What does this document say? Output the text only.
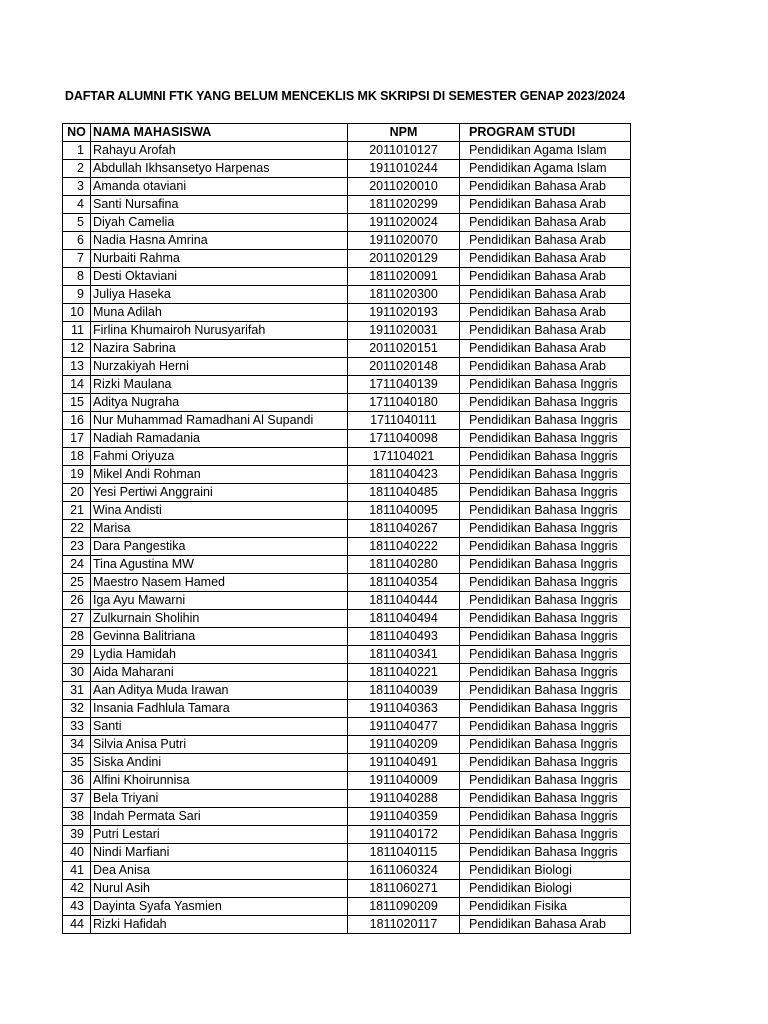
DAFTAR ALUMNI FTK YANG BELUM MENCEKLIS MK SKRIPSI DI SEMESTER GENAP 2023/2024
NO	NAMA MAHASISWA	NPM	PROGRAM STUDI
1	Rahayu Arofah	2011010127	Pendidikan Agama Islam
2	Abdullah Ikhsansetyo Harpenas	1911010244	Pendidikan Agama Islam
3	Amanda otaviani	2011020010	Pendidikan Bahasa Arab
4	Santi Nursafina	1811020299	Pendidikan Bahasa Arab
5	Diyah Camelia	1911020024	Pendidikan Bahasa Arab
6	Nadia Hasna Amrina	1911020070	Pendidikan Bahasa Arab
7	Nurbaiti Rahma	2011020129	Pendidikan Bahasa Arab
8	Desti Oktaviani	1811020091	Pendidikan Bahasa Arab
9	Juliya Haseka	1811020300	Pendidikan Bahasa Arab
10	Muna Adilah	1911020193	Pendidikan Bahasa Arab
11	Firlina Khumairoh Nurusyarifah	1911020031	Pendidikan Bahasa Arab
12	Nazira Sabrina	2011020151	Pendidikan Bahasa Arab
13	Nurzakiyah Herni	2011020148	Pendidikan Bahasa Arab
14	Rizki Maulana	1711040139	Pendidikan Bahasa Inggris
15	Aditya Nugraha	1711040180	Pendidikan Bahasa Inggris
16	Nur Muhammad Ramadhani Al Supandi	1711040111	Pendidikan Bahasa Inggris
17	Nadiah Ramadania	1711040098	Pendidikan Bahasa Inggris
18	Fahmi Oriyuza	171104021	Pendidikan Bahasa Inggris
19	Mikel Andi Rohman	1811040423	Pendidikan Bahasa Inggris
20	Yesi Pertiwi Anggraini	1811040485	Pendidikan Bahasa Inggris
21	Wina Andisti	1811040095	Pendidikan Bahasa Inggris
22	Marisa	1811040267	Pendidikan Bahasa Inggris
23	Dara Pangestika	1811040222	Pendidikan Bahasa Inggris
24	Tina Agustina MW	1811040280	Pendidikan Bahasa Inggris
25	Maestro Nasem Hamed	1811040354	Pendidikan Bahasa Inggris
26	Iga Ayu Mawarni	1811040444	Pendidikan Bahasa Inggris
27	Zulkurnain Sholihin	1811040494	Pendidikan Bahasa Inggris
28	Gevinna Balitriana	1811040493	Pendidikan Bahasa Inggris
29	Lydia Hamidah	1811040341	Pendidikan Bahasa Inggris
30	Aida Maharani	1811040221	Pendidikan Bahasa Inggris
31	Aan Aditya Muda Irawan	1811040039	Pendidikan Bahasa Inggris
32	Insania Fadhlula Tamara	1911040363	Pendidikan Bahasa Inggris
33	Santi	1911040477	Pendidikan Bahasa Inggris
34	Silvia Anisa Putri	1911040209	Pendidikan Bahasa Inggris
35	Siska Andini	1911040491	Pendidikan Bahasa Inggris
36	Alfini Khoirunnisa	1911040009	Pendidikan Bahasa Inggris
37	Bela Triyani	1911040288	Pendidikan Bahasa Inggris
38	Indah Permata Sari	1911040359	Pendidikan Bahasa Inggris
39	Putri Lestari	1911040172	Pendidikan Bahasa Inggris
40	Nindi Marfiani	1811040115	Pendidikan Bahasa Inggris
41	Dea Anisa	1611060324	Pendidikan Biologi
42	Nurul Asih	1811060271	Pendidikan Biologi
43	Dayinta Syafa Yasmien	1811090209	Pendidikan Fisika
44	Rizki Hafidah	1811020117	Pendidikan Bahasa Arab
